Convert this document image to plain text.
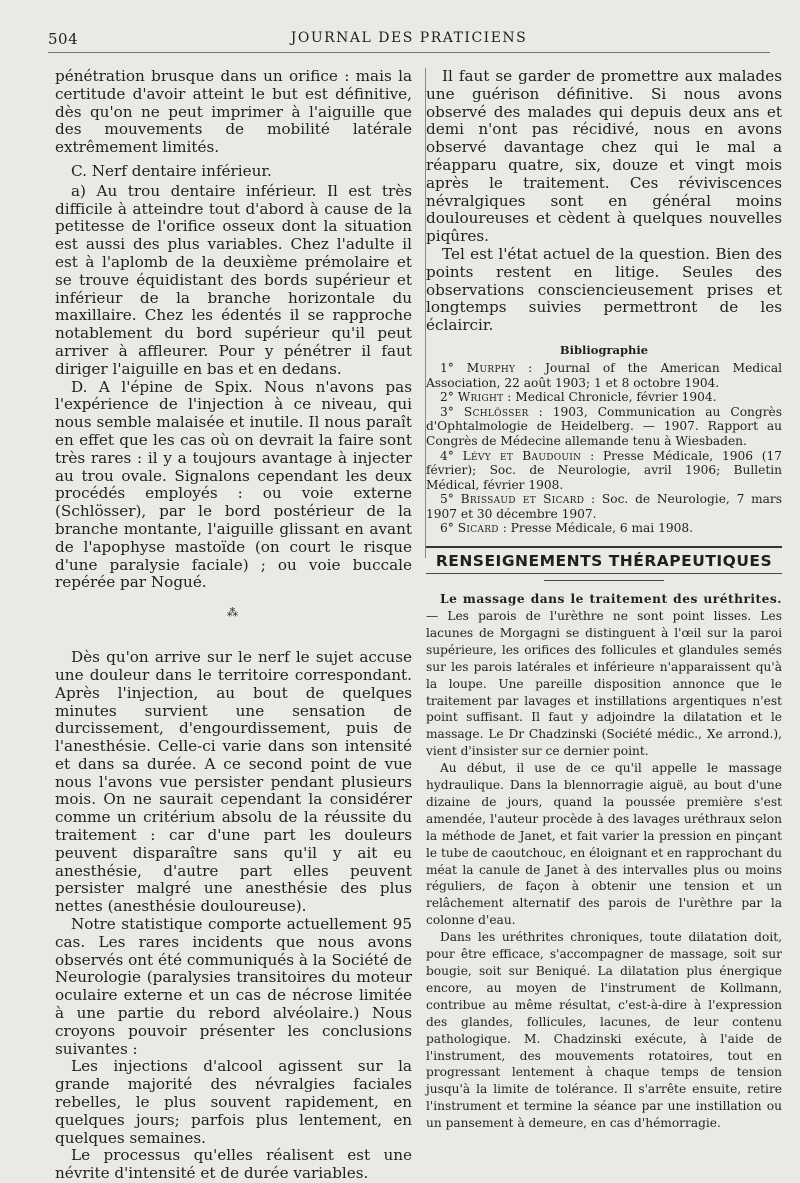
504	JOURNAL DES PRATICIENS

pénétration brusque dans un orifice : mais la certitude d'avoir atteint le but est définitive, dès qu'on ne peut imprimer à l'aiguille que des mouvements de mobilité latérale extrêmement limités.

C. Nerf dentaire inférieur.

a) Au trou dentaire inférieur. Il est très difficile à atteindre tout d'abord à cause de la petitesse de l'orifice osseux dont la situation est aussi des plus variables. Chez l'adulte il est à l'aplomb de la deuxième prémolaire et se trouve équidistant des bords supérieur et inférieur de la branche horizontale du maxillaire. Chez les édentés il se rapproche notablement du bord supérieur qu'il peut arriver à affleurer. Pour y pénétrer il faut diriger l'aiguille en bas et en dedans.

D. A l'épine de Spix. Nous n'avons pas l'expérience de l'injection à ce niveau, qui nous semble malaisée et inutile. Il nous paraît en effet que les cas où on devrait la faire sont très rares : il y a toujours avantage à injecter au trou ovale. Signalons cependant les deux procédés employés : ou voie externe (Schlösser), par le bord postérieur de la branche montante, l'aiguille glissant en avant de l'apophyse mastoïde (on court le risque d'une paralysie faciale) ; ou voie buccale repérée par Nogué.

⁂

Dès qu'on arrive sur le nerf le sujet accuse une douleur dans le territoire correspondant. Après l'injection, au bout de quelques minutes survient une sensation de durcissement, d'engourdissement, puis de l'anesthésie. Celle-ci varie dans son intensité et dans sa durée. A ce second point de vue nous l'avons vue persister pendant plusieurs mois. On ne saurait cependant la considérer comme un critérium absolu de la réussite du traitement : car d'une part les douleurs peuvent disparaître sans qu'il y ait eu anesthésie, d'autre part elles peuvent persister malgré une anesthésie des plus nettes (anesthésie douloureuse).

Notre statistique comporte actuellement 95 cas. Les rares incidents que nous avons observés ont été communiqués à la Société de Neurologie (paralysies transitoires du moteur oculaire externe et un cas de nécrose limitée à une partie du rebord alvéolaire.) Nous croyons pouvoir présenter les conclusions suivantes :

Les injections d'alcool agissent sur la grande majorité des névralgies faciales rebelles, le plus souvent rapidement, en quelques jours; parfois plus lentement, en quelques semaines.

Le processus qu'elles réalisent est une névrite d'intensité et de durée variables.

Il faut se garder de promettre aux malades une guérison définitive. Si nous avons observé des malades qui depuis deux ans et demi n'ont pas récidivé, nous en avons observé davantage chez qui le mal a réapparu quatre, six, douze et vingt mois après le traitement. Ces réviviscences névralgiques sont en général moins douloureuses et cèdent à quelques nouvelles piqûres.

Tel est l'état actuel de la question. Bien des points restent en litige. Seules des observations consciencieusement prises et longtemps suivies permettront de les éclaircir.

Bibliographie

1° Murphy : Journal of the American Medical Association, 22 août 1903; 1 et 8 octobre 1904.

2° Wright : Medical Chronicle, février 1904.

3° Schlösser : 1903, Communication au Congrès d'Ophtalmologie de Heidelberg. — 1907. Rapport au Congrès de Médecine allemande tenu à Wiesbaden.

4° Lévy et Baudouin : Presse Médicale, 1906 (17 février); Soc. de Neurologie, avril 1906; Bulletin Médical, février 1908.

5° Brissaud et Sicard : Soc. de Neurologie, 7 mars 1907 et 30 décembre 1907.

6° Sicard : Presse Médicale, 6 mai 1908.

RENSEIGNEMENTS THÉRAPEUTIQUES

Le massage dans le traitement des uréthrites. — Les parois de l'urèthre ne sont point lisses. Les lacunes de Morgagni se distinguent à l'œil sur la paroi supérieure, les orifices des follicules et glandules semés sur les parois latérales et inférieure n'apparaissent qu'à la loupe. Une pareille disposition annonce que le traitement par lavages et instillations argentiques n'est point suffisant. Il faut y adjoindre la dilatation et le massage. Le Dr Chadzinski (Société médic., Xe arrond.), vient d'insister sur ce dernier point.

Au début, il use de ce qu'il appelle le massage hydraulique. Dans la blennorragie aiguë, au bout d'une dizaine de jours, quand la poussée première s'est amendée, l'auteur procède à des lavages uréthraux selon la méthode de Janet, et fait varier la pression en pinçant le tube de caoutchouc, en éloignant et en rapprochant du méat la canule de Janet à des intervalles plus ou moins réguliers, de façon à obtenir une tension et un relâchement alternatif des parois de l'urèthre par la colonne d'eau.

Dans les uréthrites chroniques, toute dilatation doit, pour être efficace, s'accompagner de massage, soit sur bougie, soit sur Beniqué. La dilatation plus énergique encore, au moyen de l'instrument de Kollmann, contribue au même résultat, c'est-à-dire à l'expression des glandes, follicules, lacunes, de leur contenu pathologique. M. Chadzinski exécute, à l'aide de l'instrument, des mouvements rotatoires, tout en progressant lentement à chaque temps de tension jusqu'à la limite de tolérance. Il s'arrête ensuite, retire l'instrument et termine la séance par une instillation ou un pansement à demeure, en cas d'hémorragie.
